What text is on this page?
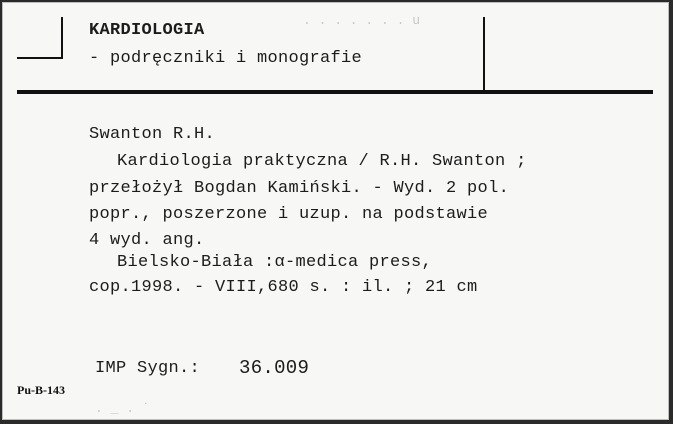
. . . . . . . u
. _ . ˙
KARDIOLOGIA
- podręczniki i monografie
Swanton R.H.
Kardiologia praktyczna / R.H. Swanton ;
przełożył Bogdan Kamiński. - Wyd. 2 pol.
popr., poszerzone i uzup. na podstawie
4 wyd. ang.
Bielsko-Biała :α-medica press,
cop.1998. - VIII,680 s. : il. ; 21 cm
IMP Sygn.: 36.009
Pu-B-143
